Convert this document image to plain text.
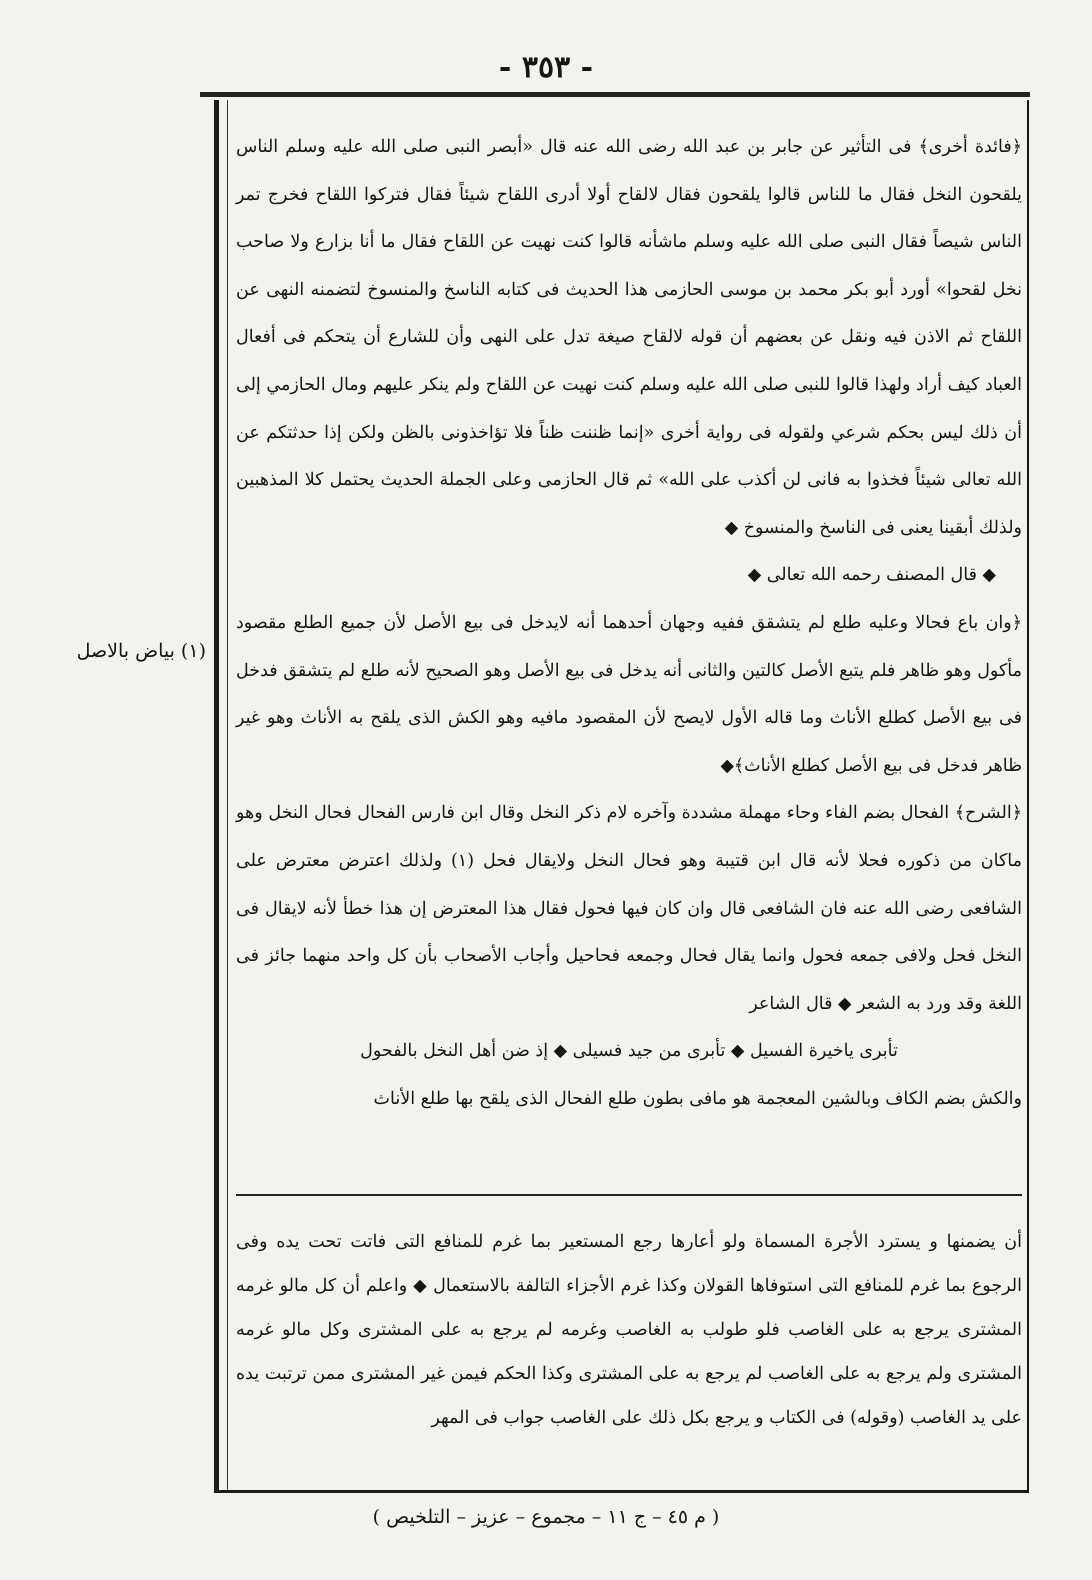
- ٣٥٣ -

﴿فائدة أخرى﴾ فى التأثير عن جابر بن عبد الله رضى الله عنه قال «أبصر النبى صلى الله عليه وسلم الناس يلقحون النخل فقال ما للناس قالوا يلقحون فقال لالقاح أولا أدرى اللقاح شيئاً فقال فتركوا اللقاح فخرج تمر الناس شيصاً فقال النبى صلى الله عليه وسلم ماشأنه قالوا كنت نهيت عن اللقاح فقال ما أنا بزارع ولا صاحب نخل لقحوا» أورد أبو بكر محمد بن موسى الحازمى هذا الحديث فى كتابه الناسخ والمنسوخ لتضمنه النهى عن اللقاح ثم الاذن فيه ونقل عن بعضهم أن قوله لالقاح صيغة تدل على النهى وأن للشارع أن يتحكم فى أفعال العباد كيف أراد ولهذا قالوا للنبى صلى الله عليه وسلم كنت نهيت عن اللقاح ولم ينكر عليهم ومال الحازمي إلى أن ذلك ليس بحكم شرعي ولقوله فى رواية أخرى «إنما ظننت ظناً فلا تؤاخذونى بالظن ولكن إذا حدثتكم عن الله تعالى شيئاً فخذوا به فانى لن أكذب على الله» ثم قال الحازمى وعلى الجملة الحديث يحتمل كلا المذهبين ولذلك أبقينا يعنى فى الناسخ والمنسوخ ◆

◆ قال المصنف رحمه الله تعالى ◆

﴿وان باع فحالا وعليه طلع لم يتشقق ففيه وجهان أحدهما أنه لايدخل فى بيع الأصل لأن جميع الطلع مقصود مأكول وهو ظاهر فلم يتبع الأصل كالتين والثانى أنه يدخل فى بيع الأصل وهو الصحيح لأنه طلع لم يتشقق فدخل فى بيع الأصل كطلع الأناث وما قاله الأول لايصح لأن المقصود مافيه وهو الكش الذى يلقح به الأناث وهو غير ظاهر فدخل فى بيع الأصل كطلع الأناث﴾◆

﴿الشرح﴾ الفحال بضم الفاء وحاء مهملة مشددة وآخره لام ذكر النخل وقال ابن فارس الفحال فحال النخل وهو ماكان من ذكوره فحلا لأنه قال ابن قتيبة وهو فحال النخل ولايقال فحل (١) ولذلك اعترض معترض على الشافعى رضى الله عنه فان الشافعى قال وان كان فيها فحول فقال هذا المعترض إن هذا خطأ لأنه لايقال فى النخل فحل ولافى جمعه فحول وانما يقال فحال وجمعه فحاحيل وأجاب الأصحاب بأن كل واحد منهما جائز فى اللغة وقد ورد به الشعر ◆ قال الشاعر

تأبرى ياخيرة الفسيل ◆ تأبرى من جيد فسيلى ◆ إذ ضن أهل النخل بالفحول

والكش بضم الكاف وبالشين المعجمة هو مافى بطون طلع الفحال الذى يلقح بها طلع الأناث

أن يضمنها و يسترد الأجرة المسماة ولو أعارها رجع المستعير بما غرم للمنافع التى فاتت تحت يده وفى الرجوع بما غرم للمنافع التى استوفاها القولان وكذا غرم الأجزاء التالفة بالاستعمال ◆ واعلم أن كل مالو غرمه المشترى يرجع به على الغاصب فلو طولب به الغاصب وغرمه لم يرجع به على المشترى وكل مالو غرمه المشترى ولم يرجع به على الغاصب لم يرجع به على المشترى وكذا الحكم فيمن غير المشترى ممن ترتبت يده على يد الغاصب (وقوله) فى الكتاب و يرجع بكل ذلك على الغاصب جواب فى المهر

(١) بياض بالاصل
( م ٤٥ – ج ١١ – مجموع – عزيز – التلخيص )
